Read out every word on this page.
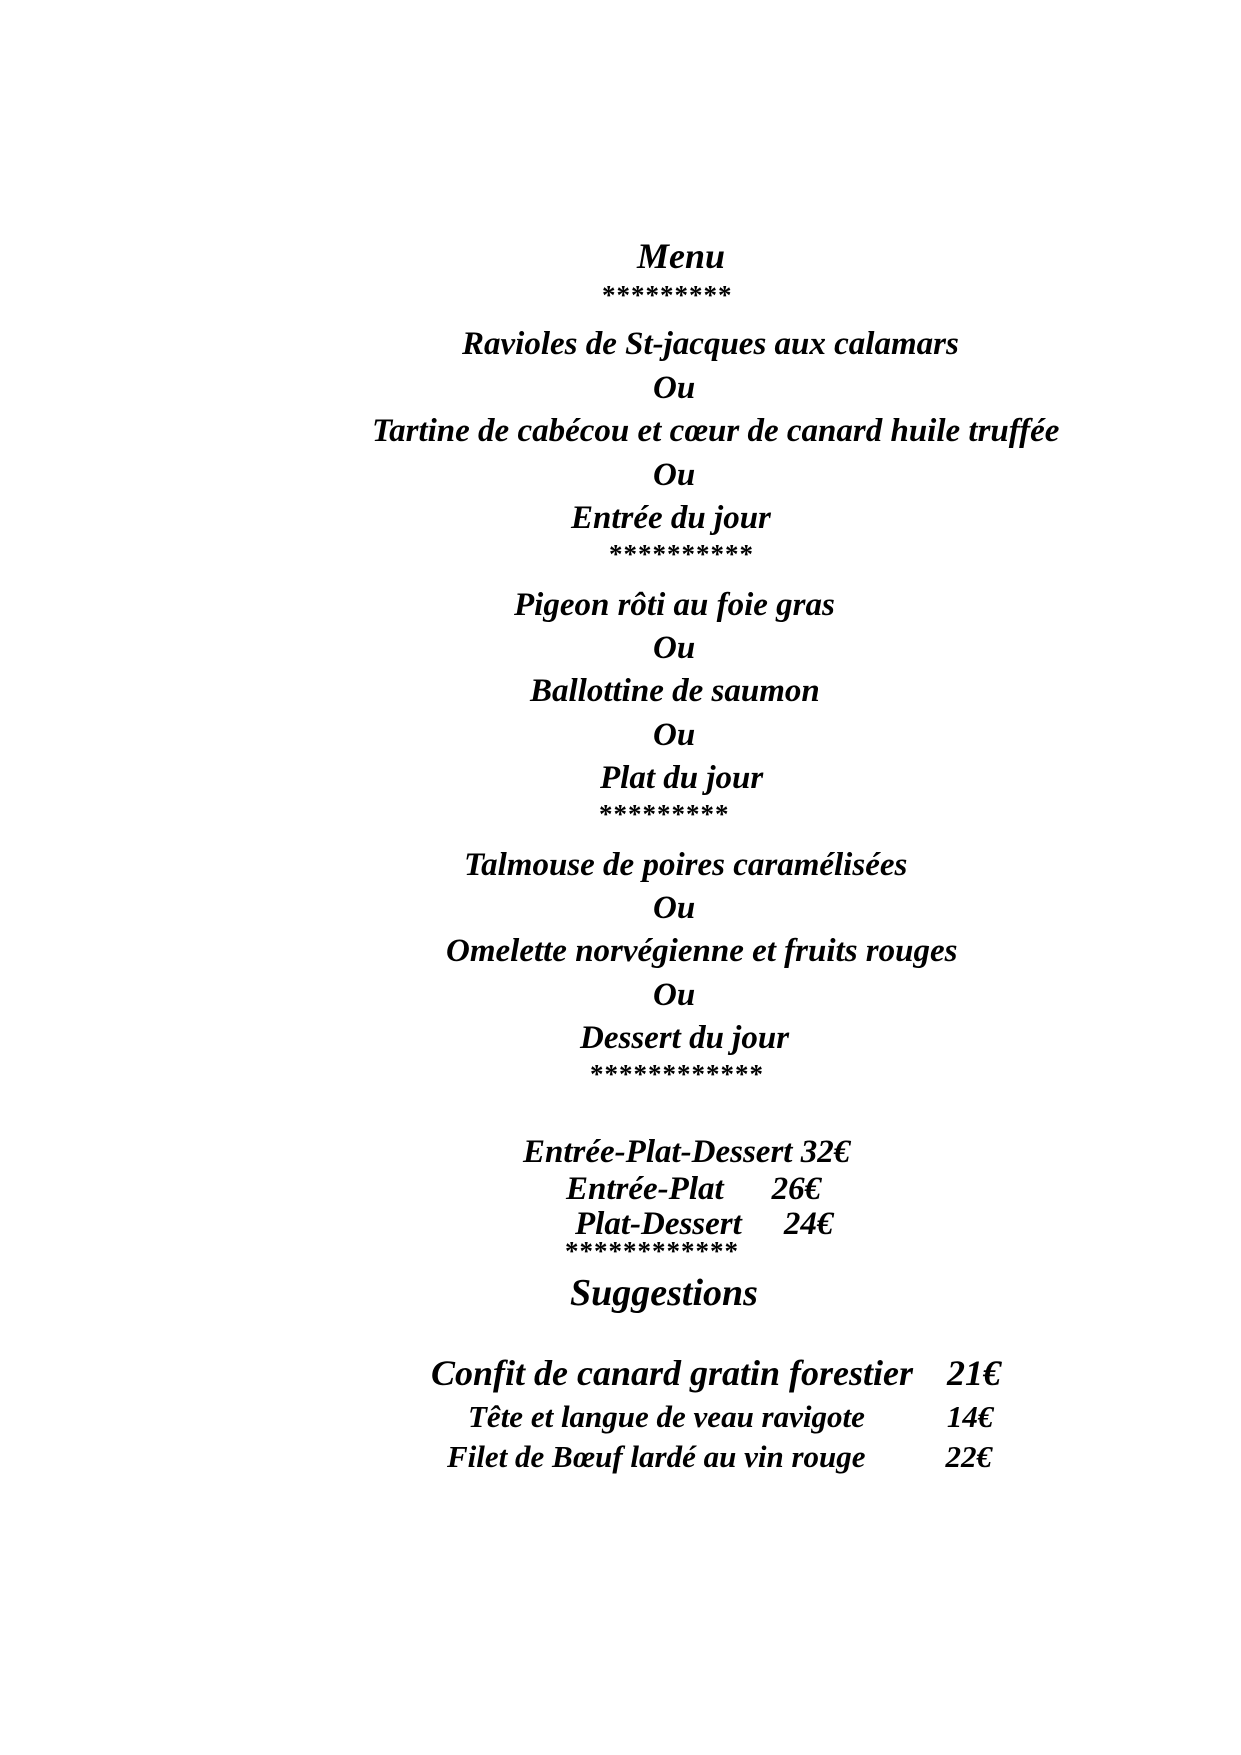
Menu
*********
Ravioles de St-jacques aux calamars
Ou
Tartine de cabécou et cœur de canard huile truffée
Ou
Entrée du jour
**********
Pigeon rôti au foie gras
Ou
Ballottine de saumon
Ou
Plat du jour
*********
Talmouse de poires caramélisées
Ou
Omelette norvégienne et fruits rouges
Ou
Dessert du jour
************

Entrée-Plat-Dessert 32€

Entrée-Plat 26€

Plat-Dessert 24€

************
Suggestions

Confit de canard gratin forestier 21€

Tête et langue de veau ravigote	14€

Filet de Bœuf lardé au vin rouge	22€
